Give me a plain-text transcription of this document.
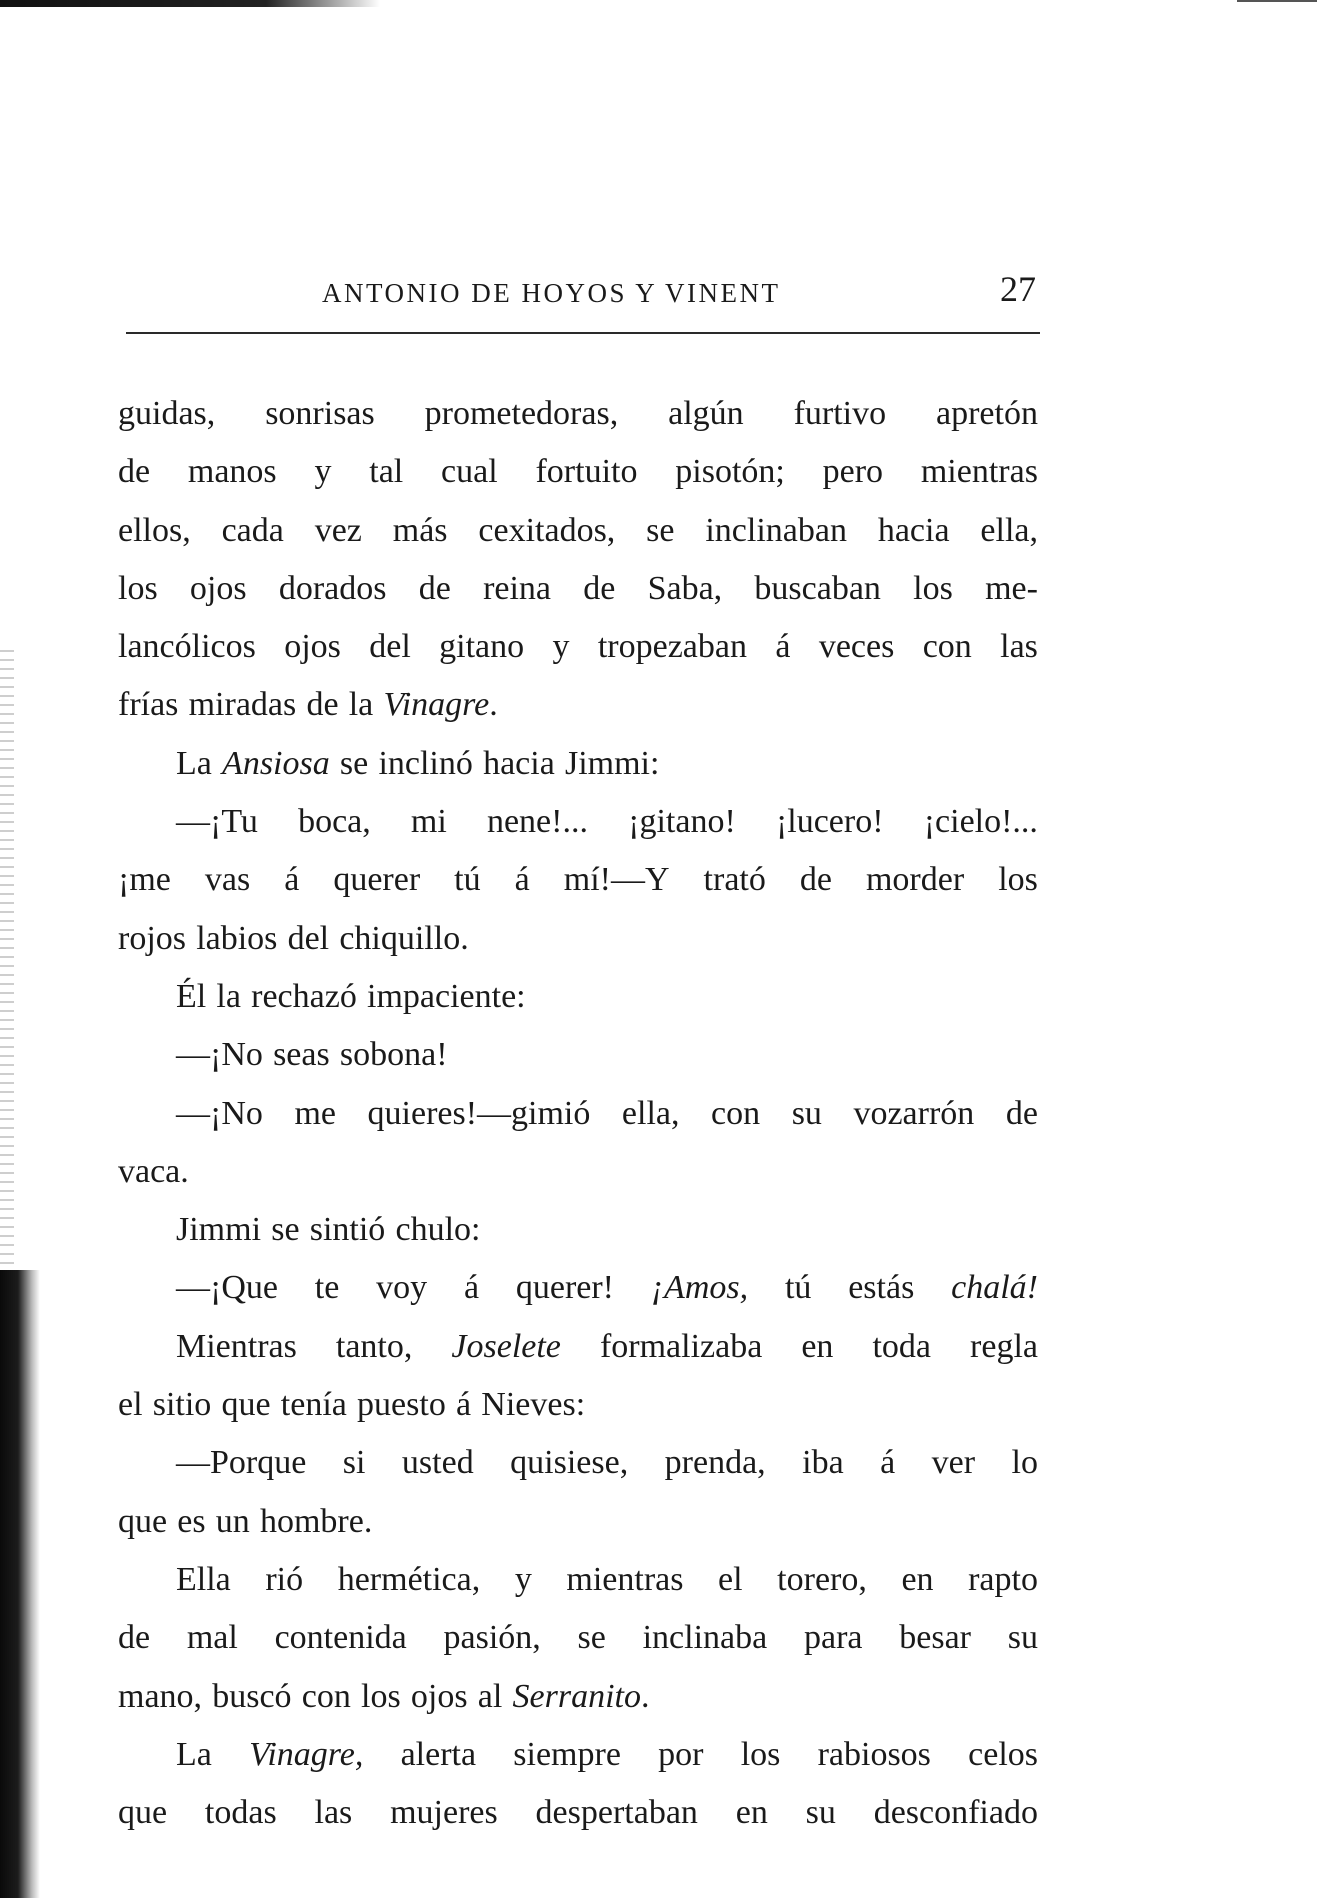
ANTONIO DE HOYOS Y VINENT	27
guidas, sonrisas prometedoras, algún furtivo apretón
de manos y tal cual fortuito pisotón; pero mientras
ellos, cada vez más cexitados, se inclinaban hacia ella,
los ojos dorados de reina de Saba, buscaban los me-
lancólicos ojos del gitano y tropezaban á veces con las
frías miradas de la Vinagre .
La Ansiosa se inclinó hacia Jimmi:
—¡Tu boca, mi nene!... ¡gitano! ¡lucero! ¡cielo!...
¡me vas á querer tú á mí!—Y trató de morder los
rojos labios del chiquillo.
Él la rechazó impaciente:
—¡No seas sobona!
—¡No me quieres!—gimió ella, con su vozarrón de
vaca.
Jimmi se sintió chulo:
—¡Que te voy á querer! ¡Amos, tú estás chalá!
Mientras tanto, Joselete formalizaba en toda regla
el sitio que tenía puesto á Nieves:
—Porque si usted quisiese, prenda, iba á ver lo
que es un hombre.
Ella rió hermética, y mientras el torero, en rapto
de mal contenida pasión, se inclinaba para besar su
mano, buscó con los ojos al Serranito .
La Vinagre, alerta siempre por los rabiosos celos
que todas las mujeres despertaban en su desconfiado
